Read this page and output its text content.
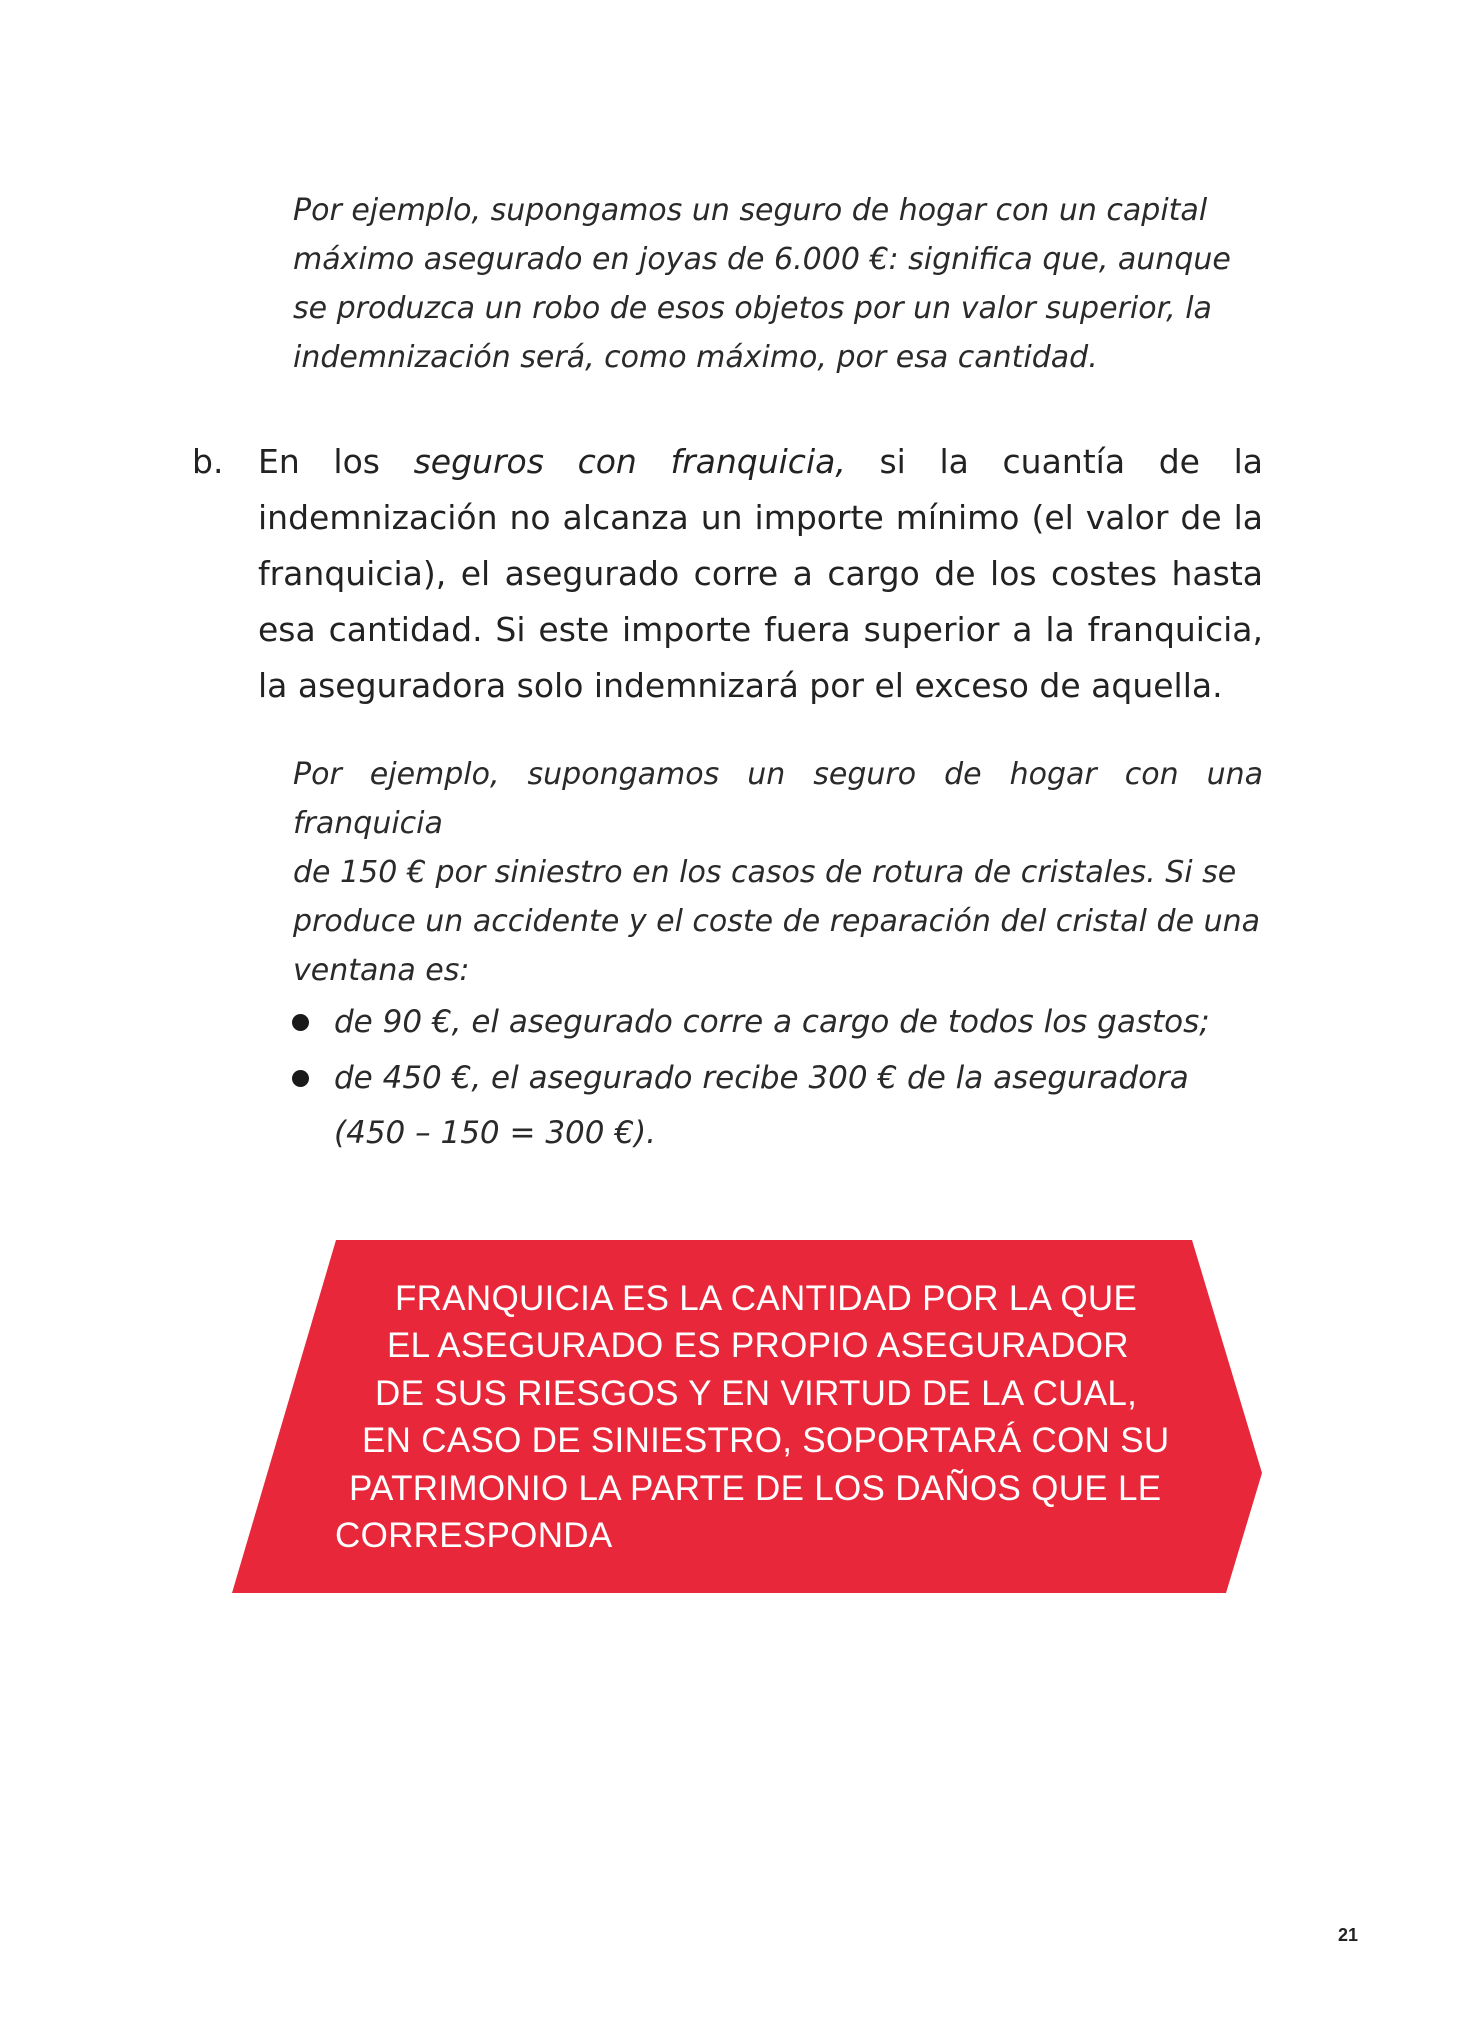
Por ejemplo, supongamos un seguro de hogar con un capital
máximo asegurado en joyas de 6.000 €: significa que, aunque
se produzca un robo de esos objetos por un valor superior, la
indemnización será, como máximo, por esa cantidad.
b.	En los seguros con franquicia, si la cuantía de la indemnización no alcanza un importe mínimo (el valor de la franquicia), el asegurado corre a cargo de los costes hasta esa cantidad. Si este importe fuera superior a la franquicia, la aseguradora solo indemnizará por el exceso de aquella.
Por ejemplo, supongamos un seguro de hogar con una franquicia
de 150 € por siniestro en los casos de rotura de cristales. Si se
produce un accidente y el coste de reparación del cristal de una
ventana es:
de 90 €, el asegurado corre a cargo de todos los gastos;
de 450 €, el asegurado recibe 300 € de la aseguradora (450 – 150 = 300 €).
FRANQUICIA ES LA CANTIDAD POR LA QUE
EL ASEGURADO ES PROPIO ASEGURADOR
DE SUS RIESGOS Y EN VIRTUD DE LA CUAL,
EN CASO DE SINIESTRO, SOPORTARÁ CON SU
PATRIMONIO LA PARTE DE LOS DAÑOS QUE LE
CORRESPONDA
21
